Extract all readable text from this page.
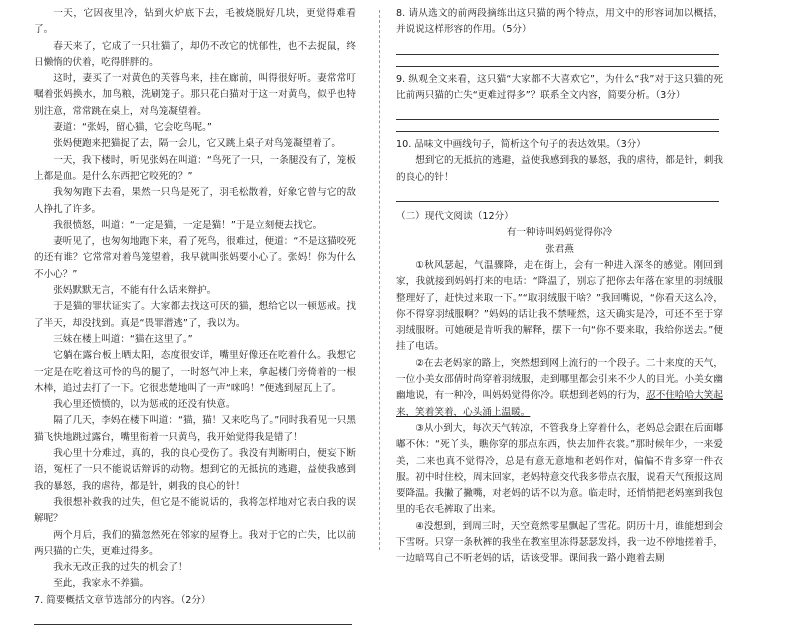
一天，它因夜里冷，钻到火炉底下去，毛被烧脱好几块，更觉得难看了。

春天来了，它成了一只壮猫了，却仍不改它的忧郁性，也不去捉鼠，终日懒惰的伏着，吃得胖胖的。

这时，妻买了一对黄色的芙蓉鸟来，挂在廊前，叫得很好听。妻常常叮嘱着张妈换水，加鸟粮，洗刷笼子。那只花白猫对于这一对黄鸟，似乎也特别注意，常常跳在桌上，对鸟笼凝望着。

妻道：“张妈，留心猫，它会吃鸟呢。”

张妈便跑来把猫捉了去，隔一会儿，它又跳上桌子对鸟笼凝望着了。

一天，我下楼时，听见张妈在叫道：“鸟死了一只，一条腿没有了，笼板上都是血。是什么东西把它咬死的？”

我匆匆跑下去看，果然一只鸟是死了，羽毛松散着，好象它曾与它的敌人挣扎了许多。

我很愤怒，叫道：“一定是猫，一定是猫！”于是立刻便去找它。

妻听见了，也匆匆地跑下来，看了死鸟，很难过，便道：“不是这猫咬死的还有谁？它常常对着鸟笼望着，我早就叫张妈要小心了。张妈！你为什么不小心？”

张妈默默无言，不能有什么话来辩护。

于是猫的罪状证实了。大家都去找这可厌的猫，想给它以一顿惩戒。找了半天，却没找到。真是“畏罪潜逃”了，我以为。

三妹在楼上叫道：“猫在这里了。”

它躺在露台板上晒太阳，态度很安详，嘴里好像还在吃着什么。我想它一定是在吃着这可怜的鸟的腿了，一时怒气冲上来，拿起楼门旁倚着的一根木棒，追过去打了一下。它很悲楚地叫了一声“咪呜！”便逃到屋瓦上了。

我心里还愤愤的，以为惩戒的还没有快意。

隔了几天，李妈在楼下叫道：“猫，猫！又来吃鸟了。”同时我看见一只黑猫飞快地跳过露台，嘴里衔着一只黄鸟，我开始觉得我是错了！

我心里十分难过，真的，我的良心受伤了。我没有判断明白，便妄下断语，冤枉了一只不能说话辩诉的动物。想到它的无抵抗的逃避，益使我感到我的暴怒，我的虐待，都是针，刺我的良心的针！

我很想补救我的过失，但它是不能说话的，我将怎样地对它表白我的误解呢？

两个月后，我们的猫忽然死在邻家的屋脊上。我对于它的亡失，比以前两只猫的亡失，更难过得多。

我永无改正我的过失的机会了！

至此，我家永不养猫。

7. 简要概括文章节选部分的内容。（2分）

8. 请从选文的前两段摘练出这只猫的两个特点，用文中的形容词加以概括，并说说这样形容的作用。（5分）

9. 纵观全文来看，这只猫“大家都不大喜欢它”，为什么“我”对于这只猫的死比前两只猫的亡失“更难过得多”？联系全文内容，简要分析。（3分）

10. 品味文中画线句子，简析这个句子的表达效果。（3分）

想到它的无抵抗的逃避，益使我感到我的暴怒，我的虐待，都是针，刺我的良心的针！

（二）现代文阅读（12分）

有一种诗叫妈妈觉得你冷

张君燕

①秋风瑟起，气温骤降，走在街上，会有一种进入深冬的感觉。刚回到家，我就接到妈妈打来的电话：“降温了，别忘了把你去年落在家里的羽绒服整理好了，赶快过来取一下。”“取羽绒服干啥？”我回嘴说，“你看天这么冷，你不得穿羽绒服啊？”妈妈的话让我不禁哑然，这天确实是冷，可还不至于穿羽绒服呀。可她硬是肯听我的解释，摆下一句“你不要来取，我给你送去。”便挂了电话。

②在去老妈家的路上，突然想到网上流行的一个段子。二十来度的天气，一位小美女邵倩时尚穿着羽绒服，走到哪里都会引来不少人的目光。小美女幽幽地说，有一种冷，叫妈妈觉得你冷。联想到老妈的行为，忍不住哈哈大笑起来，笑着笑着，心头涌上温暖。

③从小到大，每次天气转凉，不管我身上穿着什么，老妈总会跟在后面嘟嘟不休：“死丫头，瞧你穿的那点东西，快去加件衣裳。”那时候年少，一来爱美，二来也真不觉得冷，总是有意无意地和老妈作对，偏偏不肯多穿一件衣服。初中时住校，周末回家，老妈特意交代我多带点衣服，说看天气预报这周要降温。我撇了撇嘴，对老妈的话不以为意。临走时，还悄悄把老妈塞到我包里的毛衣毛裤取了出来。

④没想到，到周三时，天空竟然零星飘起了雪花。阴历十月，谁能想到会下雪呀。只穿一条秋裤的我坐在教室里冻得瑟瑟发抖，我一边不停地搓着手，一边暗骂自己不听老妈的话，话该受罪。课间我一路小跑着去厕
